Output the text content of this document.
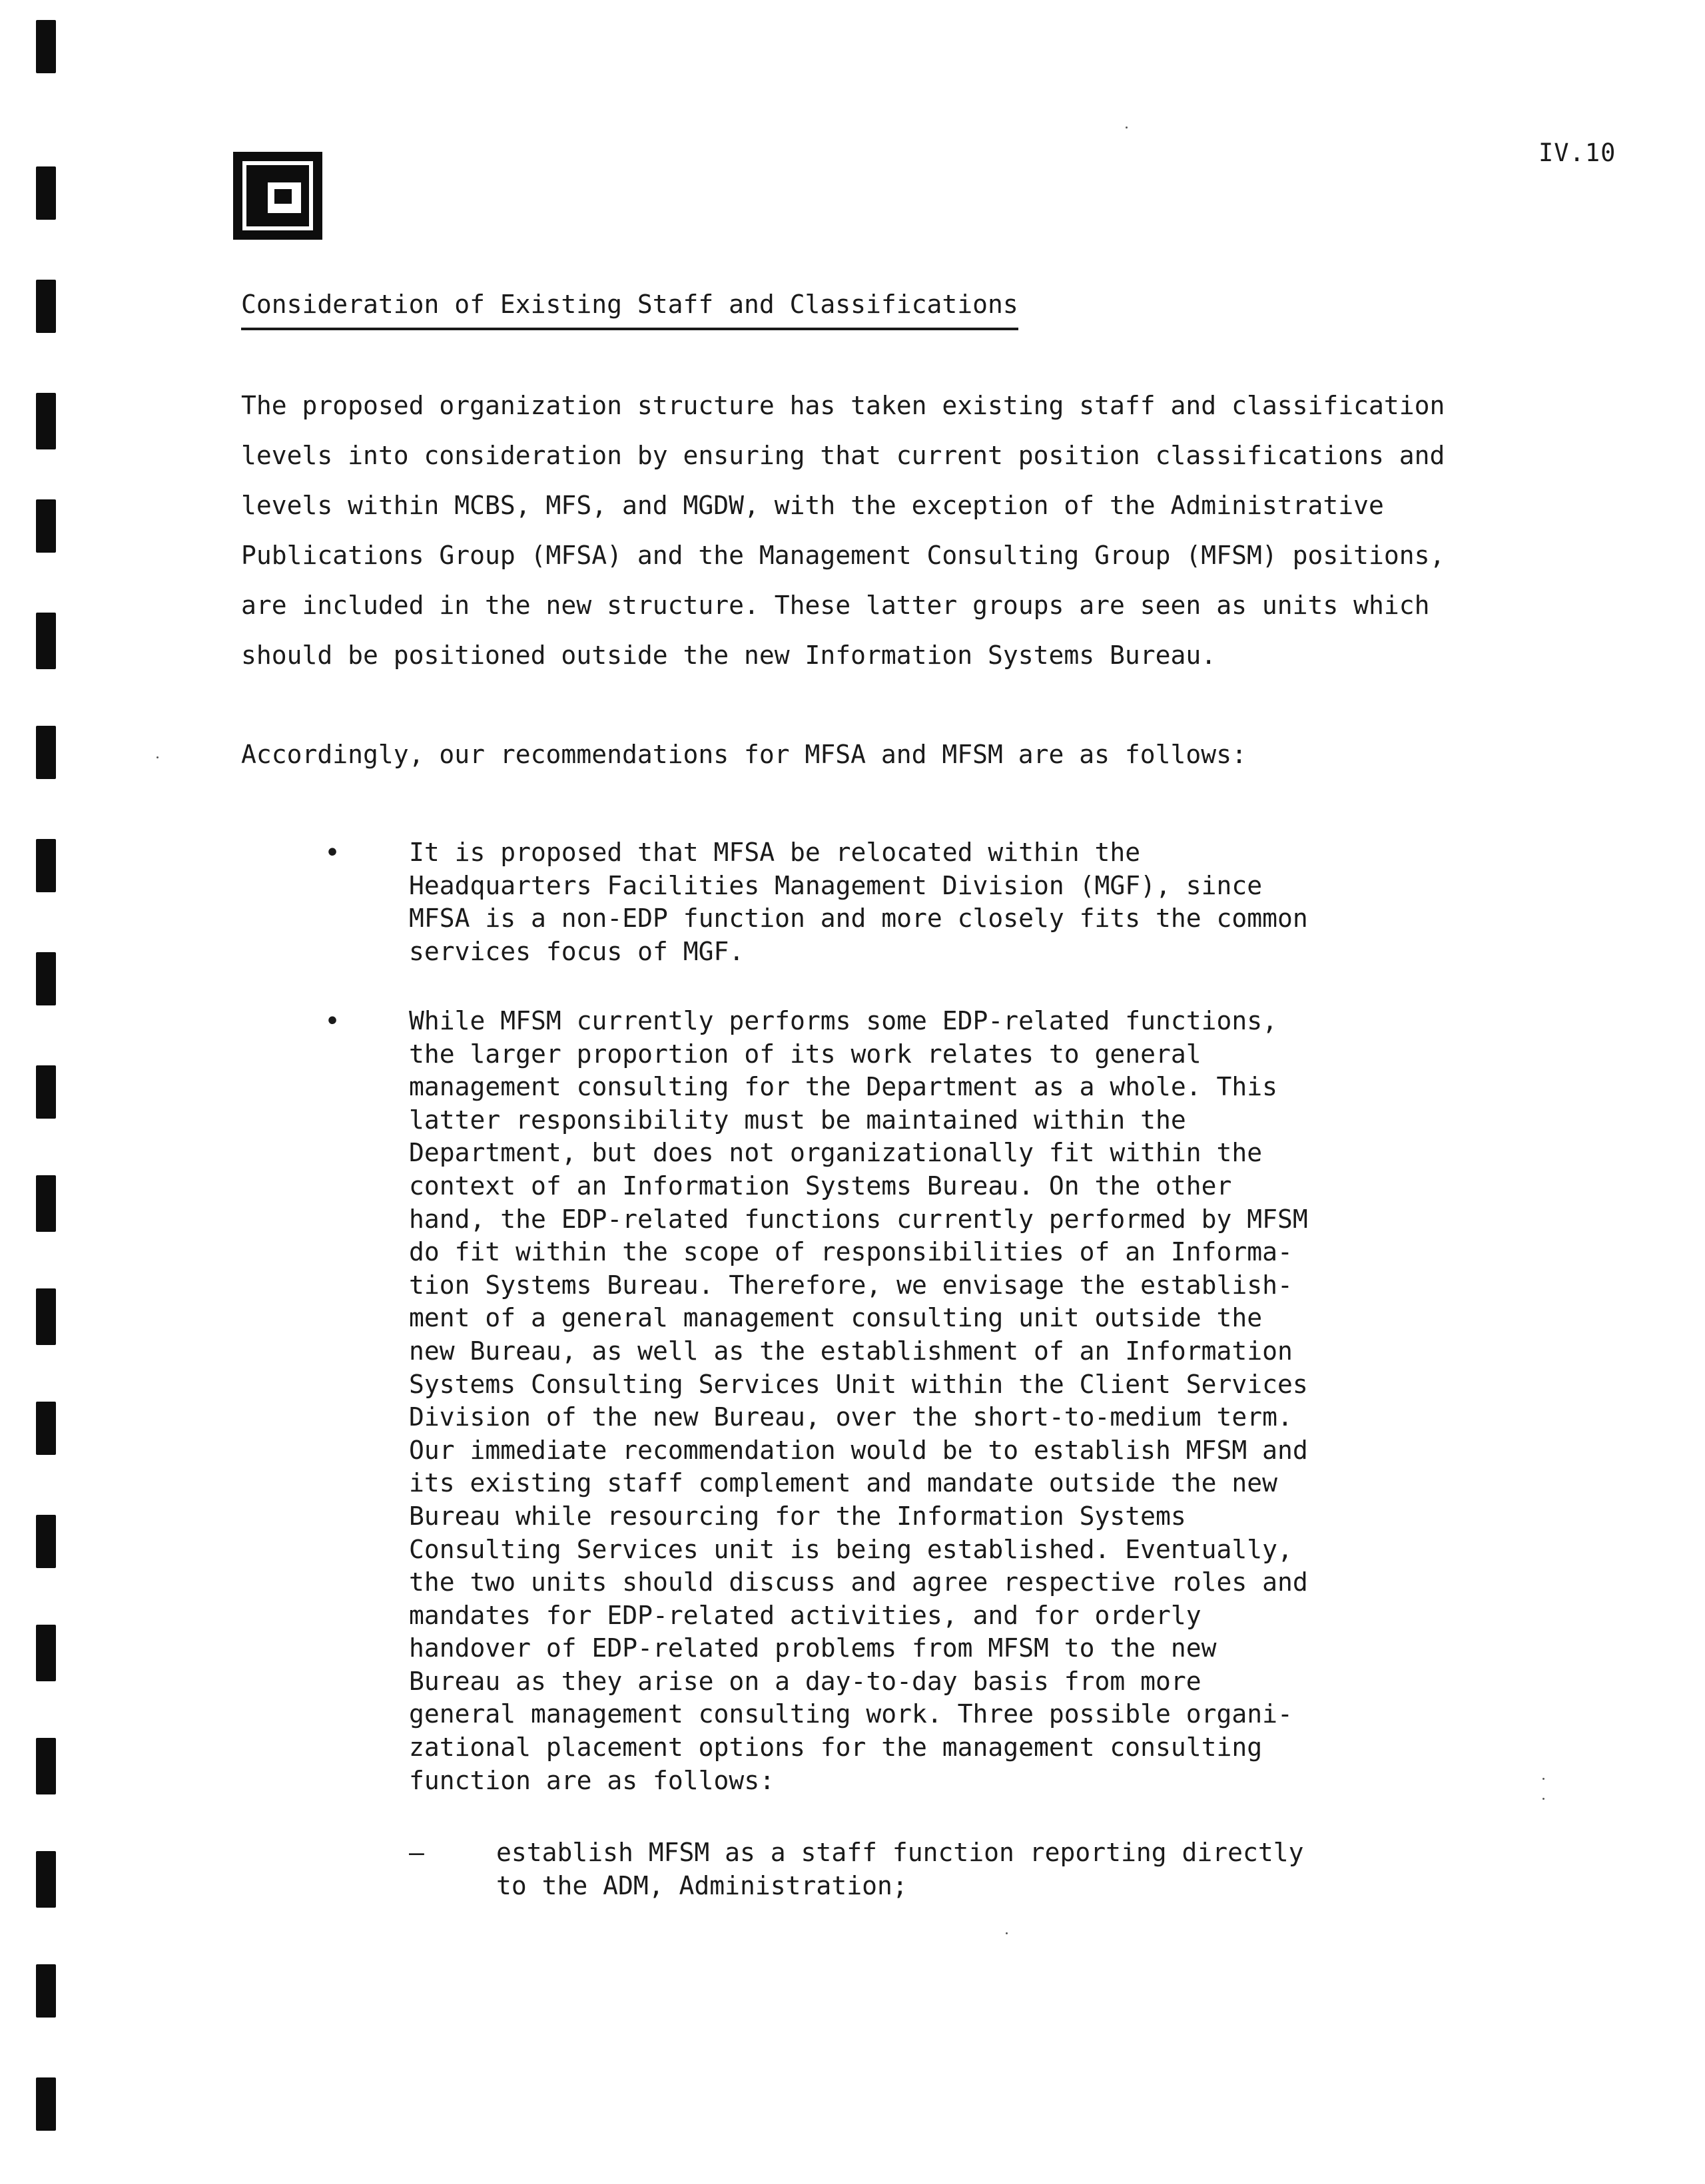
IV.10
Consideration of Existing Staff and Classifications
The proposed organization structure has taken existing staff and classification
levels into consideration by ensuring that current position classifications and
levels within MCBS, MFS, and MGDW, with the exception of the Administrative
Publications Group (MFSA) and the Management Consulting Group (MFSM) positions,
are included in the new structure. These latter groups are seen as units which
should be positioned outside the new Information Systems Bureau.
Accordingly, our recommendations for MFSA and MFSM are as follows:
•	It is proposed that MFSA be relocated within the
Headquarters Facilities Management Division (MGF), since
MFSA is a non-EDP function and more closely fits the common
services focus of MGF.
•	While MFSM currently performs some EDP-related functions,
the larger proportion of its work relates to general
management consulting for the Department as a whole. This
latter responsibility must be maintained within the
Department, but does not organizationally fit within the
context of an Information Systems Bureau. On the other
hand, the EDP-related functions currently performed by MFSM
do fit within the scope of responsibilities of an Informa-
tion Systems Bureau. Therefore, we envisage the establish-
ment of a general management consulting unit outside the
new Bureau, as well as the establishment of an Information
Systems Consulting Services Unit within the Client Services
Division of the new Bureau, over the short-to-medium term.
Our immediate recommendation would be to establish MFSM and
its existing staff complement and mandate outside the new
Bureau while resourcing for the Information Systems
Consulting Services unit is being established. Eventually,
the two units should discuss and agree respective roles and
mandates for EDP-related activities, and for orderly
handover of EDP-related problems from MFSM to the new
Bureau as they arise on a day-to-day basis from more
general management consulting work. Three possible organi-
zational placement options for the management consulting
function are as follows:
–	establish MFSM as a staff function reporting directly
to the ADM, Administration;
